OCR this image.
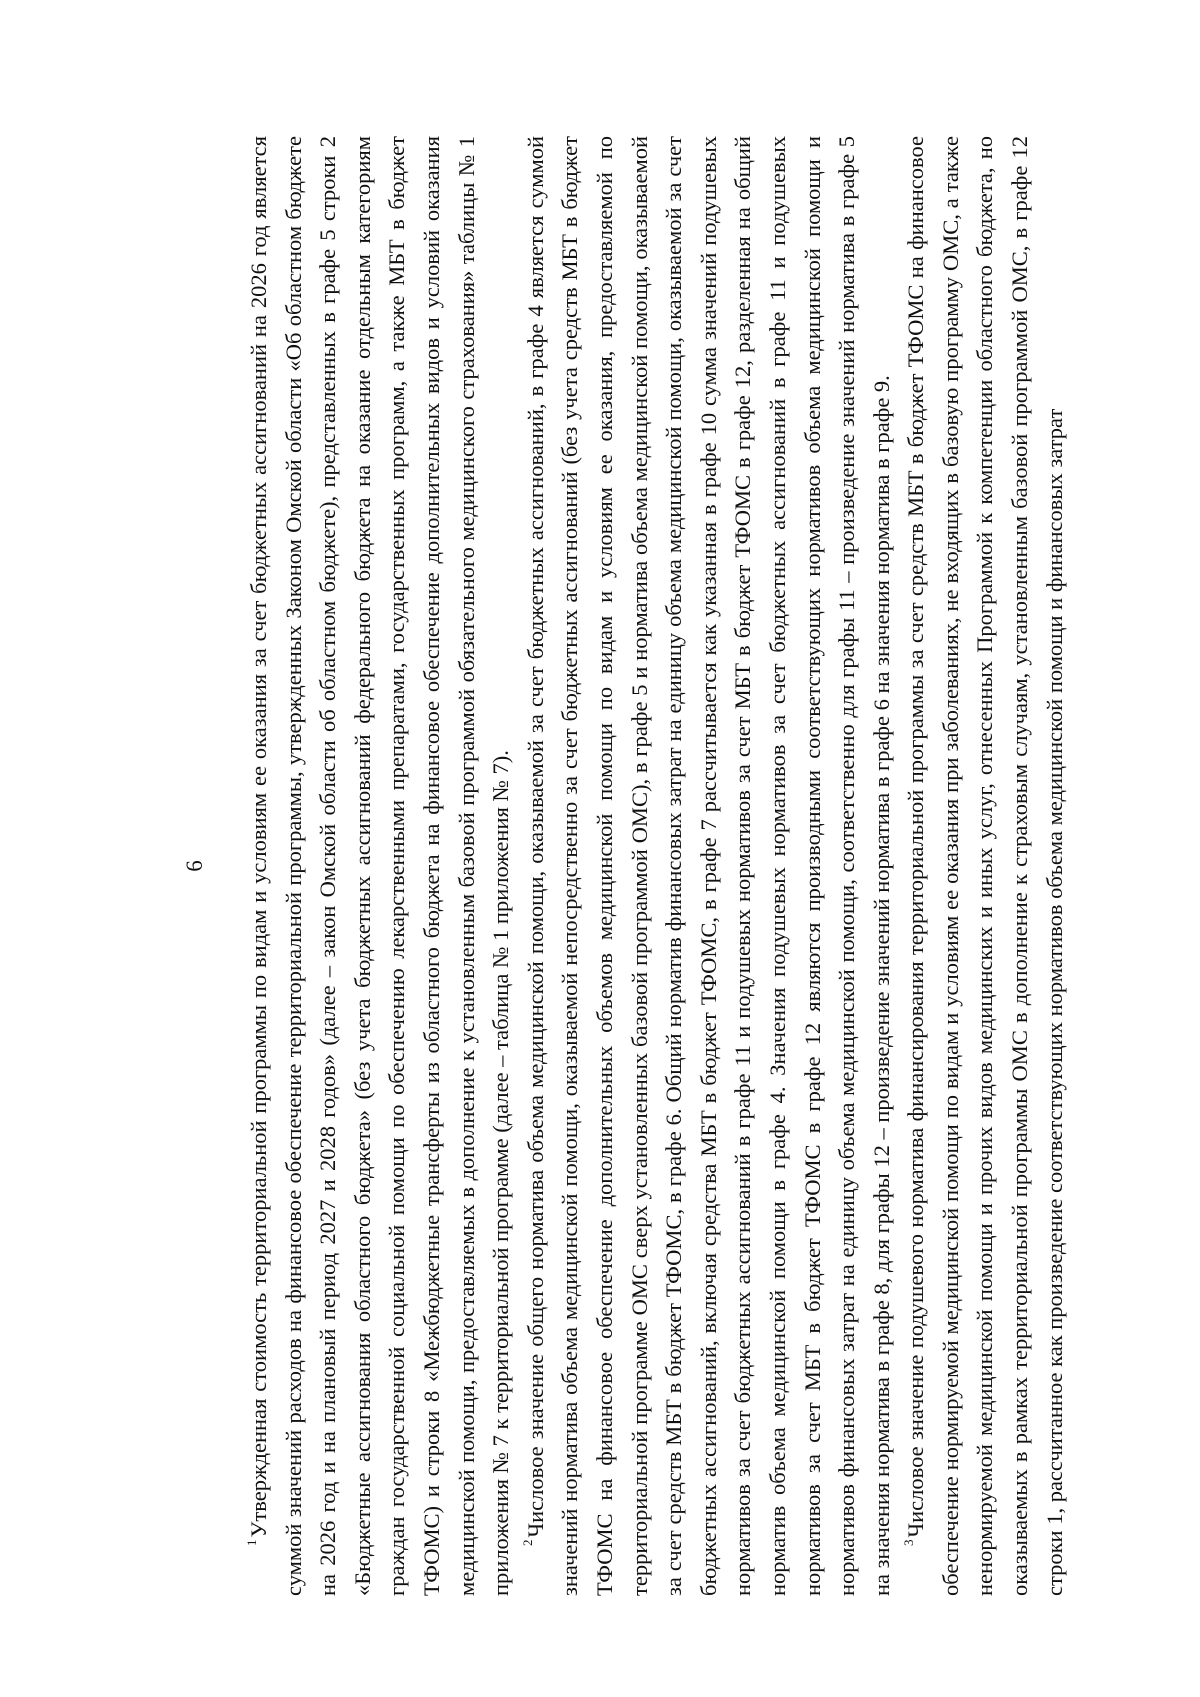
6

$^1$Утвержденная стоимость территориальной программы по видам и условиям ее оказания за счет бюджетных ассигнований на 2026 год является суммой значений расходов на финансовое обеспечение территориальной программы, утвержденных Законом Омской области «Об областном бюджете на 2026 год и на плановый период 2027 и 2028 годов» (далее – закон Омской области об областном бюджете), представленных в графе 5 строки 2 «Бюджетные ассигнования областного бюджета» (без учета бюджетных ассигнований федерального бюджета на оказание отдельным категориям граждан государственной социальной помощи по обеспечению лекарственными препаратами, государственных программ, а также МБТ в бюджет ТФОМС) и строки 8 «Межбюджетные трансферты из областного бюджета на финансовое обеспечение дополнительных видов и условий оказания медицинской помощи, предоставляемых в дополнение к установленным базовой программой обязательного медицинского страхования» таблицы № 1 приложения № 7 к территориальной программе (далее – таблица № 1 приложения № 7). $^2$Числовое значение общего норматива объема медицинской помощи, оказываемой за счет бюджетных ассигнований, в графе 4 является суммой значений норматива объема медицинской помощи, оказываемой непосредственно за счет бюджетных ассигнований (без учета средств МБТ в бюджет ТФОМС на финансовое обеспечение дополнительных объемов медицинской помощи по видам и условиям ее оказания, предоставляемой по территориальной программе ОМС сверх установленных базовой программой ОМС), в графе 5 и норматива объема медицинской помощи, оказываемой за счет средств МБТ в бюджет ТФОМС, в графе 6. Общий норматив финансовых затрат на единицу объема медицинской помощи, оказываемой за счет бюджетных ассигнований, включая средства МБТ в бюджет ТФОМС, в графе 7 рассчитывается как указанная в графе 10 сумма значений подушевых нормативов за счет бюджетных ассигнований в графе 11 и подушевых нормативов за счет МБТ в бюджет ТФОМС в графе 12, разделенная на общий норматив объема медицинской помощи в графе 4. Значения подушевых нормативов за счет бюджетных ассигнований в графе 11 и подушевых нормативов за счет МБТ в бюджет ТФОМС в графе 12 являются производными соответствующих нормативов объема медицинской помощи и нормативов финансовых затрат на единицу объема медицинской помощи, соответственно для графы 11 – произведение значений норматива в графе 5 на значения норматива в графе 8, для графы 12 – произведение значений норматива в графе 6 на значения норматива в графе 9. $^3$Числовое значение подушевого норматива финансирования территориальной программы за счет средств МБТ в бюджет ТФОМС на финансовое обеспечение нормируемой медицинской помощи по видам и условиям ее оказания при заболеваниях, не входящих в базовую программу ОМС, а также ненормируемой медицинской помощи и прочих видов медицинских и иных услуг, отнесенных Программой к компетенции областного бюджета, но оказываемых в рамках территориальной программы ОМС в дополнение к страховым случаям, установленным базовой программой ОМС, в графе 12 строки 1, рассчитанное как произведение соответствующих нормативов объема медицинской помощи и финансовых затрат
